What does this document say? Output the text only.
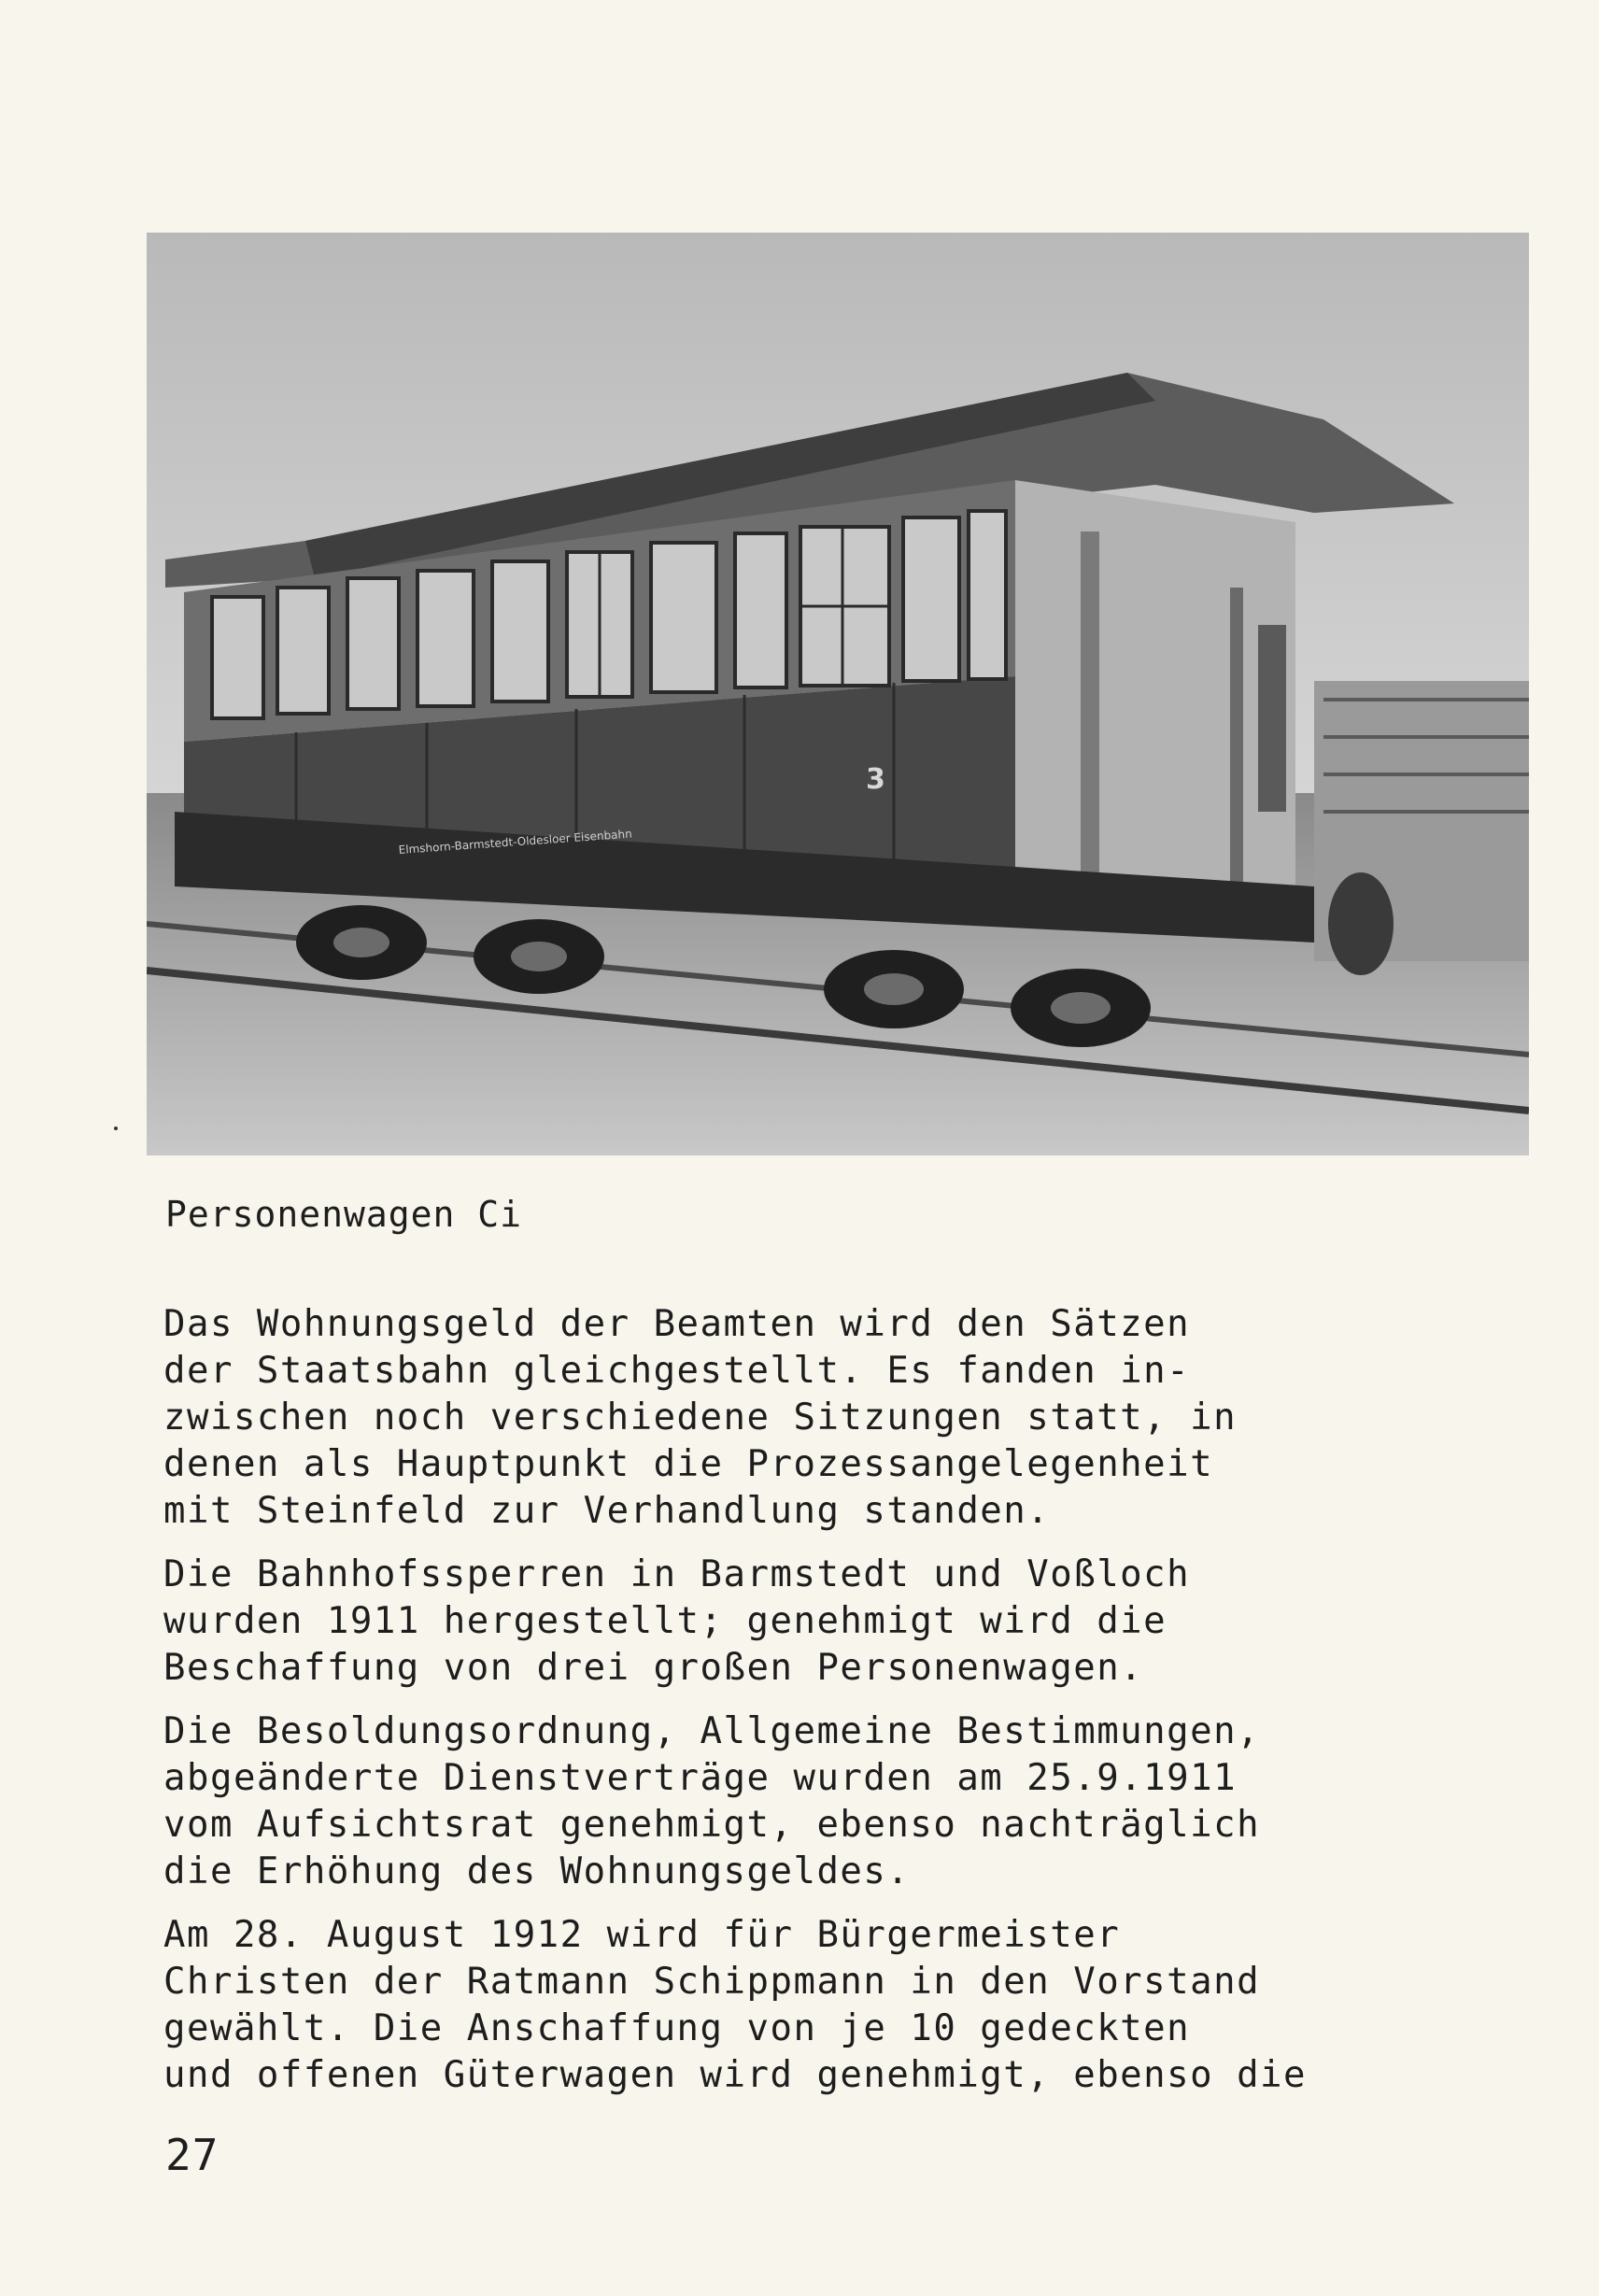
3
Elmshorn-Barmstedt-Oldesloer Eisenbahn
Personenwagen Ci
Das Wohnungsgeld der Beamten wird den Sätzen
der Staatsbahn gleichgestellt. Es fanden in-
zwischen noch verschiedene Sitzungen statt, in
denen als Hauptpunkt die Prozessangelegenheit
mit Steinfeld zur Verhandlung standen.
Die Bahnhofssperren in Barmstedt und Voßloch
wurden 1911 hergestellt; genehmigt wird die
Beschaffung von drei großen Personenwagen.
Die Besoldungsordnung, Allgemeine Bestimmungen,
abgeänderte Dienstverträge wurden am 25.9.1911
vom Aufsichtsrat genehmigt, ebenso nachträglich
die Erhöhung des Wohnungsgeldes.
Am 28. August 1912 wird für Bürgermeister
Christen der Ratmann Schippmann in den Vorstand
gewählt. Die Anschaffung von je 10 gedeckten
und offenen Güterwagen wird genehmigt, ebenso die
27
